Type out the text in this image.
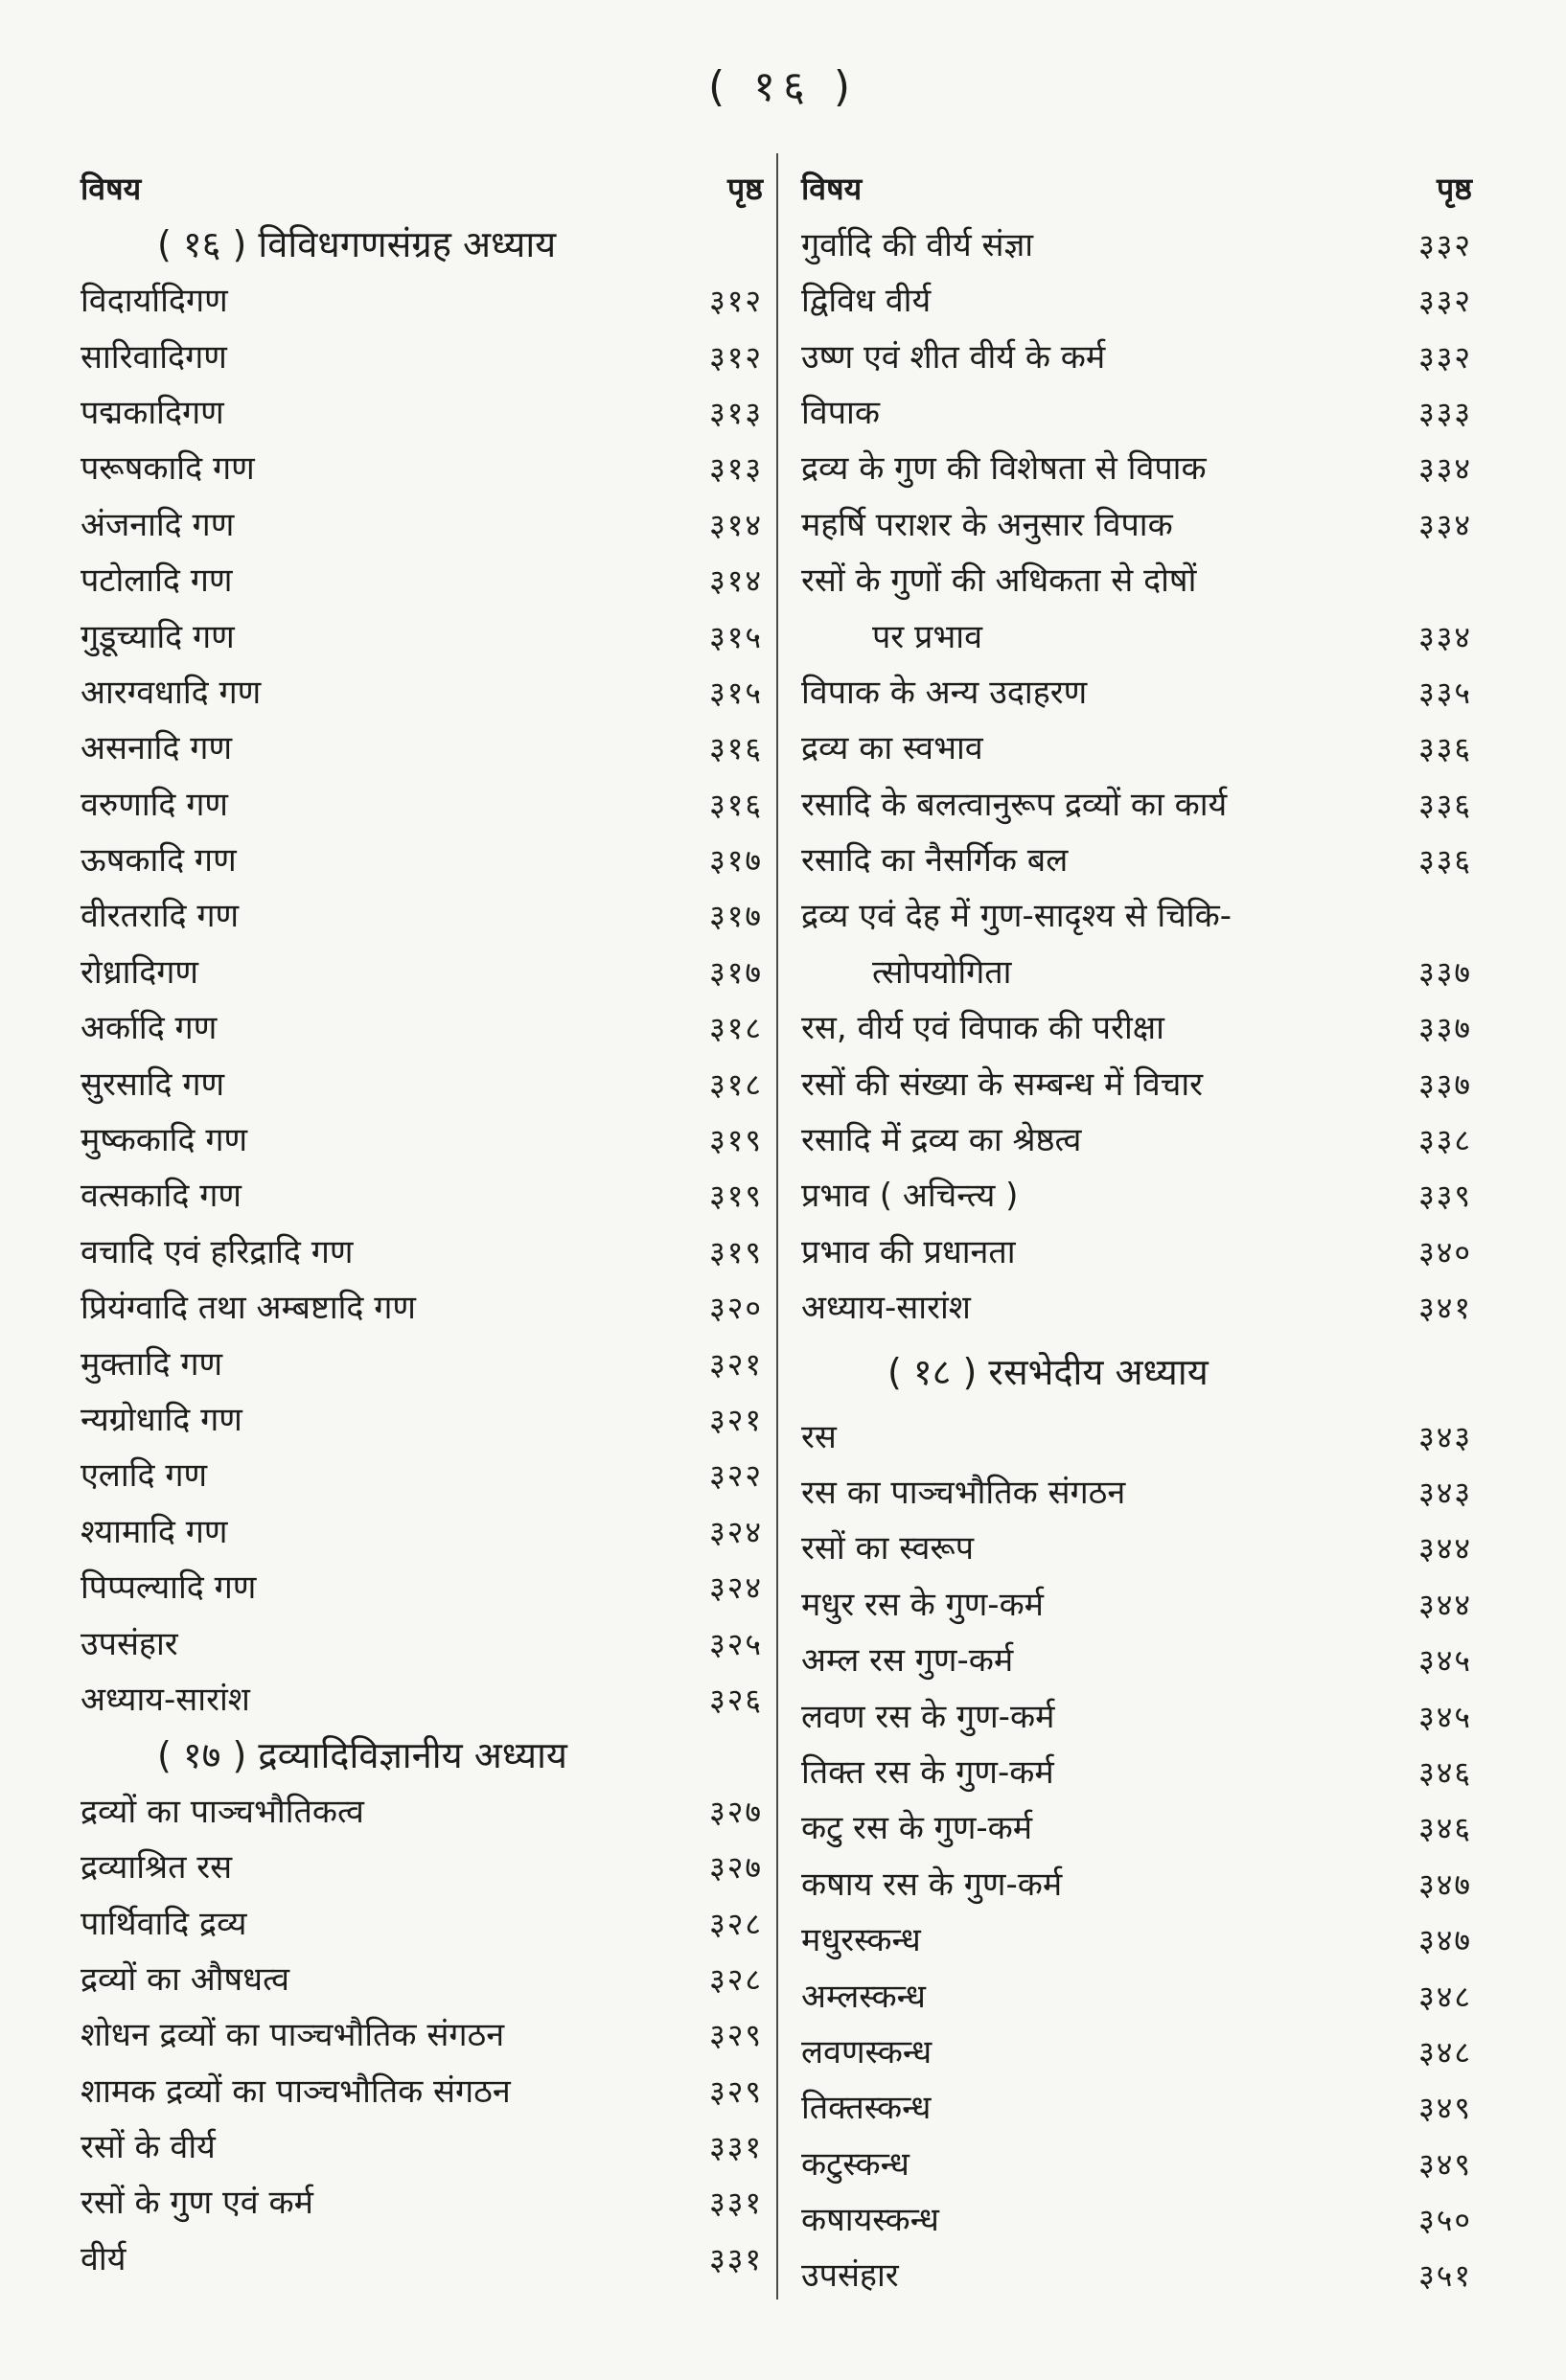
( १६ )
विषय	पृष्ठ
( १६ ) विविधगणसंग्रह अध्याय
विदार्यादिगण	३१२
सारिवादिगण	३१२
पद्मकादिगण	३१३
परूषकादि गण	३१३
अंजनादि गण	३१४
पटोलादि गण	३१४
गुडूच्यादि गण	३१५
आरग्वधादि गण	३१५
असनादि गण	३१६
वरुणादि गण	३१६
ऊषकादि गण	३१७
वीरतरादि गण	३१७
रोध्रादिगण	३१७
अर्कादि गण	३१८
सुरसादि गण	३१८
मुष्ककादि गण	३१९
वत्सकादि गण	३१९
वचादि एवं हरिद्रादि गण	३१९
प्रियंग्वादि तथा अम्बष्टादि गण	३२०
मुक्तादि गण	३२१
न्यग्रोधादि गण	३२१
एलादि गण	३२२
श्यामादि गण	३२४
पिप्पल्यादि गण	३२४
उपसंहार	३२५
अध्याय-सारांश	३२६
( १७ ) द्रव्यादिविज्ञानीय अध्याय
द्रव्यों का पाञ्चभौतिकत्व	३२७
द्रव्याश्रित रस	३२७
पार्थिवादि द्रव्य	३२८
द्रव्यों का औषधत्व	३२८
शोधन द्रव्यों का पाञ्चभौतिक संगठन	३२९
शामक द्रव्यों का पाञ्चभौतिक संगठन	३२९
रसों के वीर्य	३३१
रसों के गुण एवं कर्म	३३१
वीर्य	३३१
विषय	पृष्ठ
गुर्वादि की वीर्य संज्ञा	३३२
द्विविध वीर्य	३३२
उष्ण एवं शीत वीर्य के कर्म	३३२
विपाक	३३३
द्रव्य के गुण की विशेषता से विपाक	३३४
महर्षि पराशर के अनुसार विपाक	३३४
रसों के गुणों की अधिकता से दोषों
पर प्रभाव	३३४
विपाक के अन्य उदाहरण	३३५
द्रव्य का स्वभाव	३३६
रसादि के बलत्वानुरूप द्रव्यों का कार्य	३३६
रसादि का नैसर्गिक बल	३३६
द्रव्य एवं देह में गुण-सादृश्य से चिकि-
त्सोपयोगिता	३३७
रस, वीर्य एवं विपाक की परीक्षा	३३७
रसों की संख्या के सम्बन्ध में विचार	३३७
रसादि में द्रव्य का श्रेष्ठत्व	३३८
प्रभाव ( अचिन्त्य )	३३९
प्रभाव की प्रधानता	३४०
अध्याय-सारांश	३४१
( १८ ) रसभेदीय अध्याय
रस	३४३
रस का पाञ्चभौतिक संगठन	३४३
रसों का स्वरूप	३४४
मधुर रस के गुण-कर्म	३४४
अम्ल रस गुण-कर्म	३४५
लवण रस के गुण-कर्म	३४५
तिक्त रस के गुण-कर्म	३४६
कटु रस के गुण-कर्म	३४६
कषाय रस के गुण-कर्म	३४७
मधुरस्कन्ध	३४७
अम्लस्कन्ध	३४८
लवणस्कन्ध	३४८
तिक्तस्कन्ध	३४९
कटुस्कन्ध	३४९
कषायस्कन्ध	३५०
उपसंहार	३५१
